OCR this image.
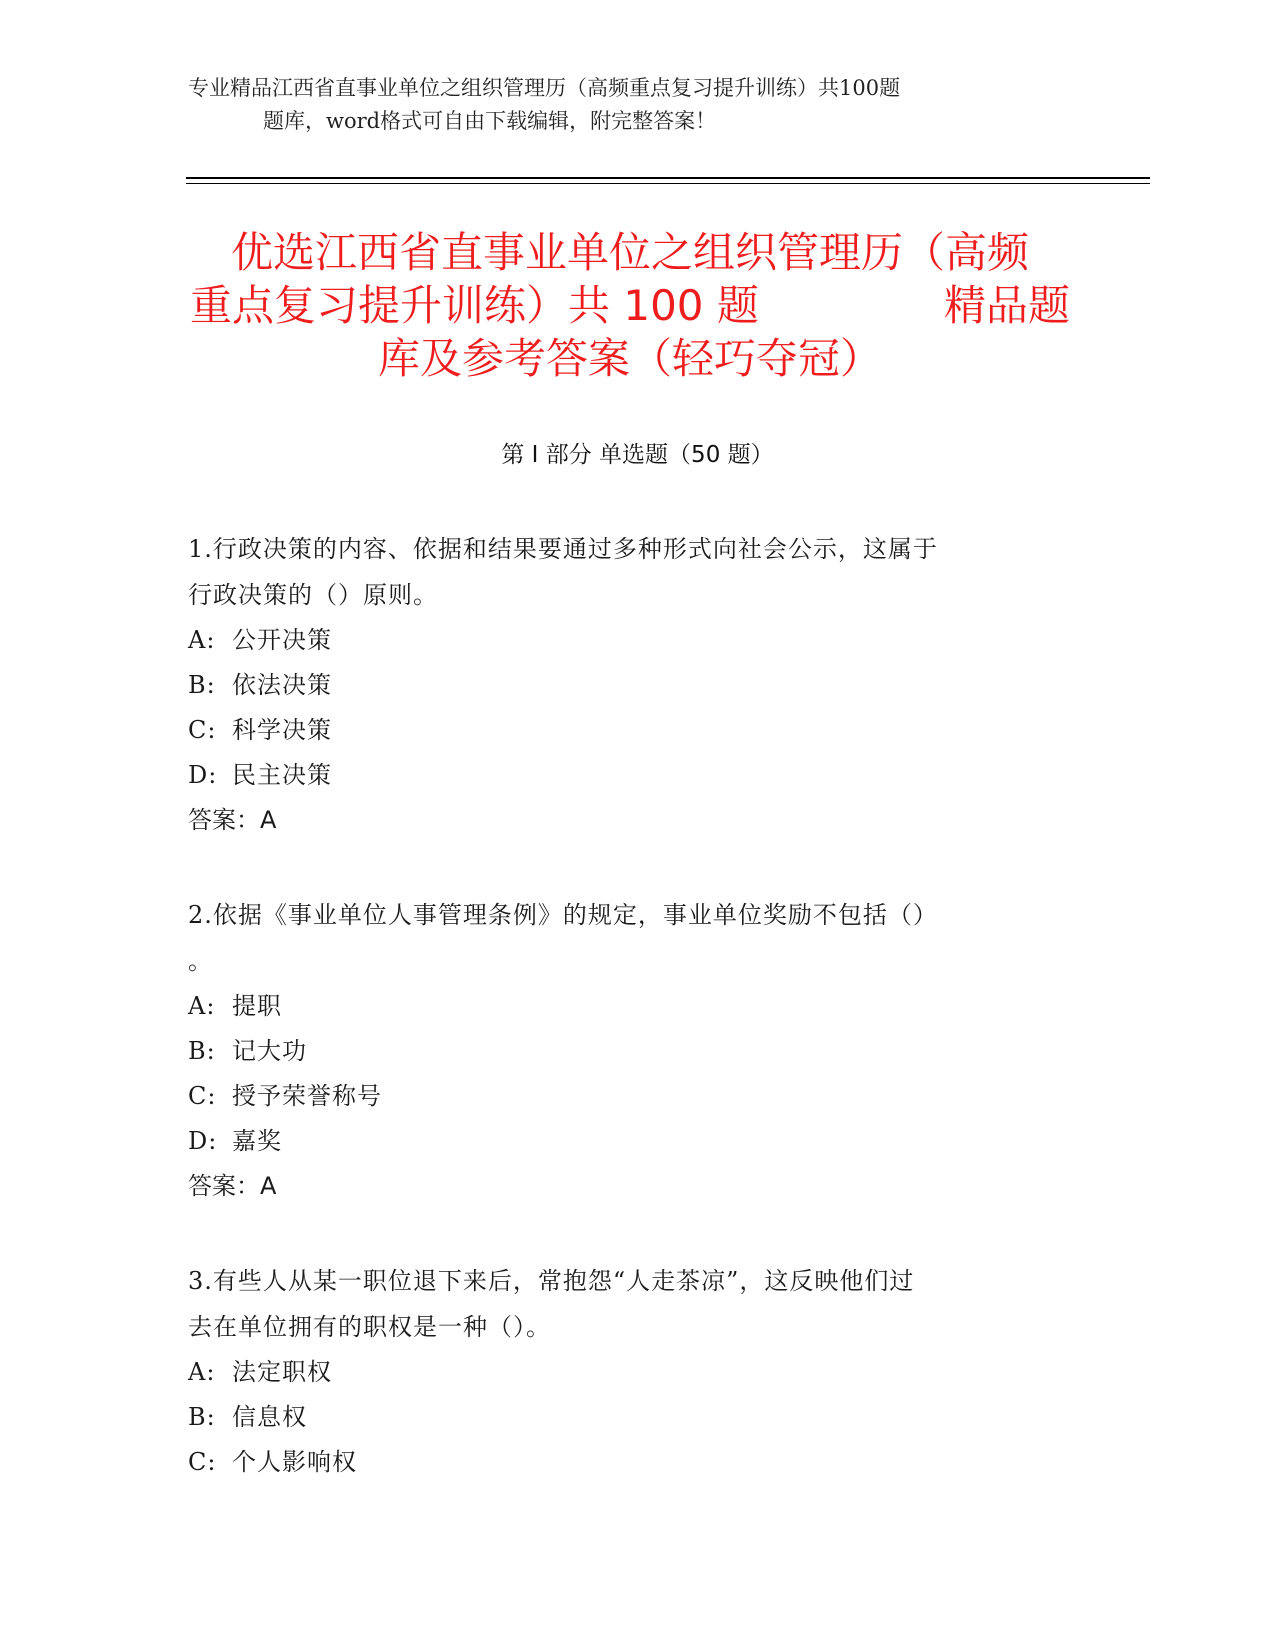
专业精品江西省直事业单位之组织管理历（高频重点复习提升训练）共100题
题库，word格式可自由下载编辑，附完整答案！
优选江西省直事业单位之组织管理历（高频
重点复习提升训练）共 100 题	精品题
库及参考答案（轻巧夺冠）
第 I 部分 单选题（50 题）
1.行政决策的内容、依据和结果要通过多种形式向社会公示，这属于
行政决策的（）原则。
A: 公开决策
B: 依法决策
C: 科学决策
D: 民主决策
答案：A
2.依据《事业单位人事管理条例》的规定，事业单位奖励不包括（）
。
A: 提职
B: 记大功
C: 授予荣誉称号
D: 嘉奖
答案：A
3.有些人从某一职位退下来后，常抱怨“人走茶凉”，这反映他们过
去在单位拥有的职权是一种（）。
A: 法定职权
B: 信息权
C: 个人影响权
